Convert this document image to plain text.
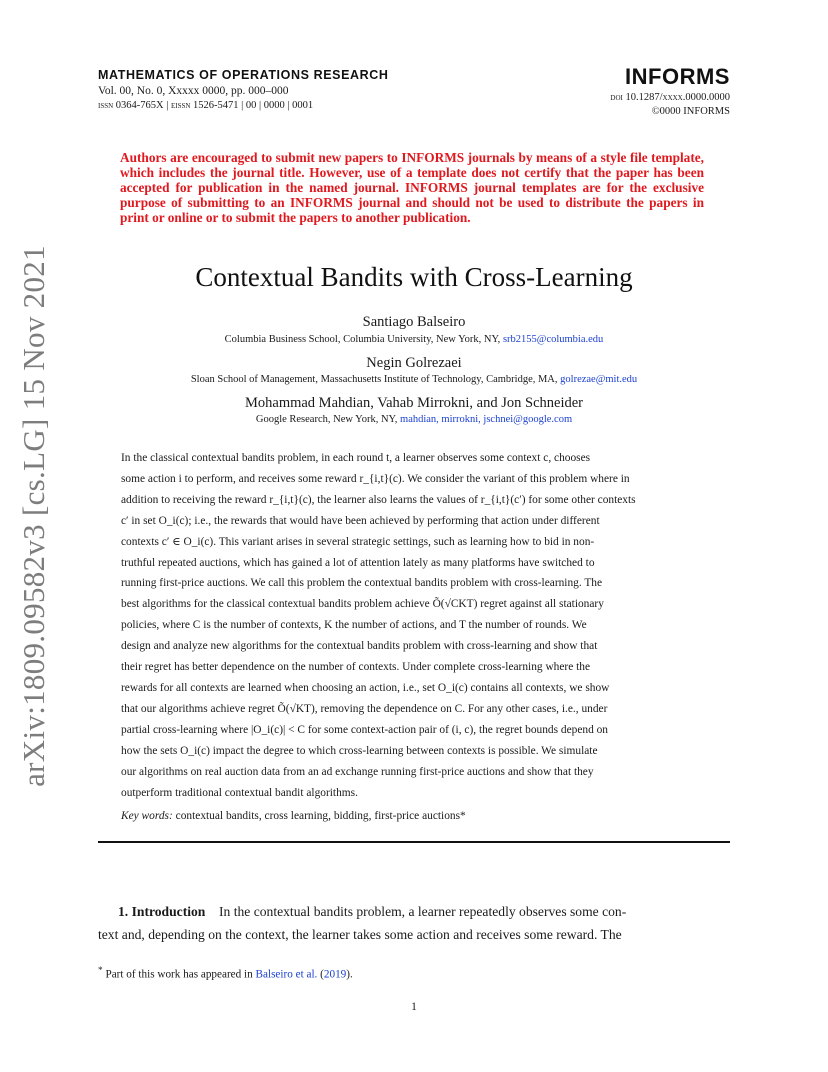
MATHEMATICS OF OPERATIONS RESEARCH
Vol. 00, No. 0, Xxxxx 0000, pp. 000–000
issn 0364-765X | eissn 1526-5471 | 00 | 0000 | 0001
INFORMS
doi 10.1287/xxxx.0000.0000
©0000 INFORMS
Authors are encouraged to submit new papers to INFORMS journals by means of a style file template, which includes the journal title. However, use of a template does not certify that the paper has been accepted for publication in the named journal. INFORMS journal templates are for the exclusive purpose of submitting to an INFORMS journal and should not be used to distribute the papers in print or online or to submit the papers to another publication.
Contextual Bandits with Cross-Learning
Santiago Balseiro
Columbia Business School, Columbia University, New York, NY, srb2155@columbia.edu
Negin Golrezaei
Sloan School of Management, Massachusetts Institute of Technology, Cambridge, MA, golrezae@mit.edu
Mohammad Mahdian, Vahab Mirrokni, and Jon Schneider
Google Research, New York, NY, mahdian, mirrokni, jschnei@google.com
In the classical contextual bandits problem, in each round t, a learner observes some context c, chooses
some action i to perform, and receives some reward r_{i,t}(c). We consider the variant of this problem where in
addition to receiving the reward r_{i,t}(c), the learner also learns the values of r_{i,t}(c′) for some other contexts
c′ in set O_i(c); i.e., the rewards that would have been achieved by performing that action under different
contexts c′ ∈ O_i(c). This variant arises in several strategic settings, such as learning how to bid in non-
truthful repeated auctions, which has gained a lot of attention lately as many platforms have switched to
running first-price auctions. We call this problem the contextual bandits problem with cross-learning. The
best algorithms for the classical contextual bandits problem achieve Õ(√CKT) regret against all stationary
policies, where C is the number of contexts, K the number of actions, and T the number of rounds. We
design and analyze new algorithms for the contextual bandits problem with cross-learning and show that
their regret has better dependence on the number of contexts. Under complete cross-learning where the
rewards for all contexts are learned when choosing an action, i.e., set O_i(c) contains all contexts, we show
that our algorithms achieve regret Õ(√KT), removing the dependence on C. For any other cases, i.e., under
partial cross-learning where |O_i(c)| < C for some context-action pair of (i, c), the regret bounds depend on
how the sets O_i(c) impact the degree to which cross-learning between contexts is possible. We simulate
our algorithms on real auction data from an ad exchange running first-price auctions and show that they
outperform traditional contextual bandit algorithms.
Key words: contextual bandits, cross learning, bidding, first-price auctions*
1. Introduction In the contextual bandits problem, a learner repeatedly observes some con-
text and, depending on the context, the learner takes some action and receives some reward. The
* Part of this work has appeared in Balseiro et al. (2019).
1
arXiv:1809.09582v3 [cs.LG] 15 Nov 2021
